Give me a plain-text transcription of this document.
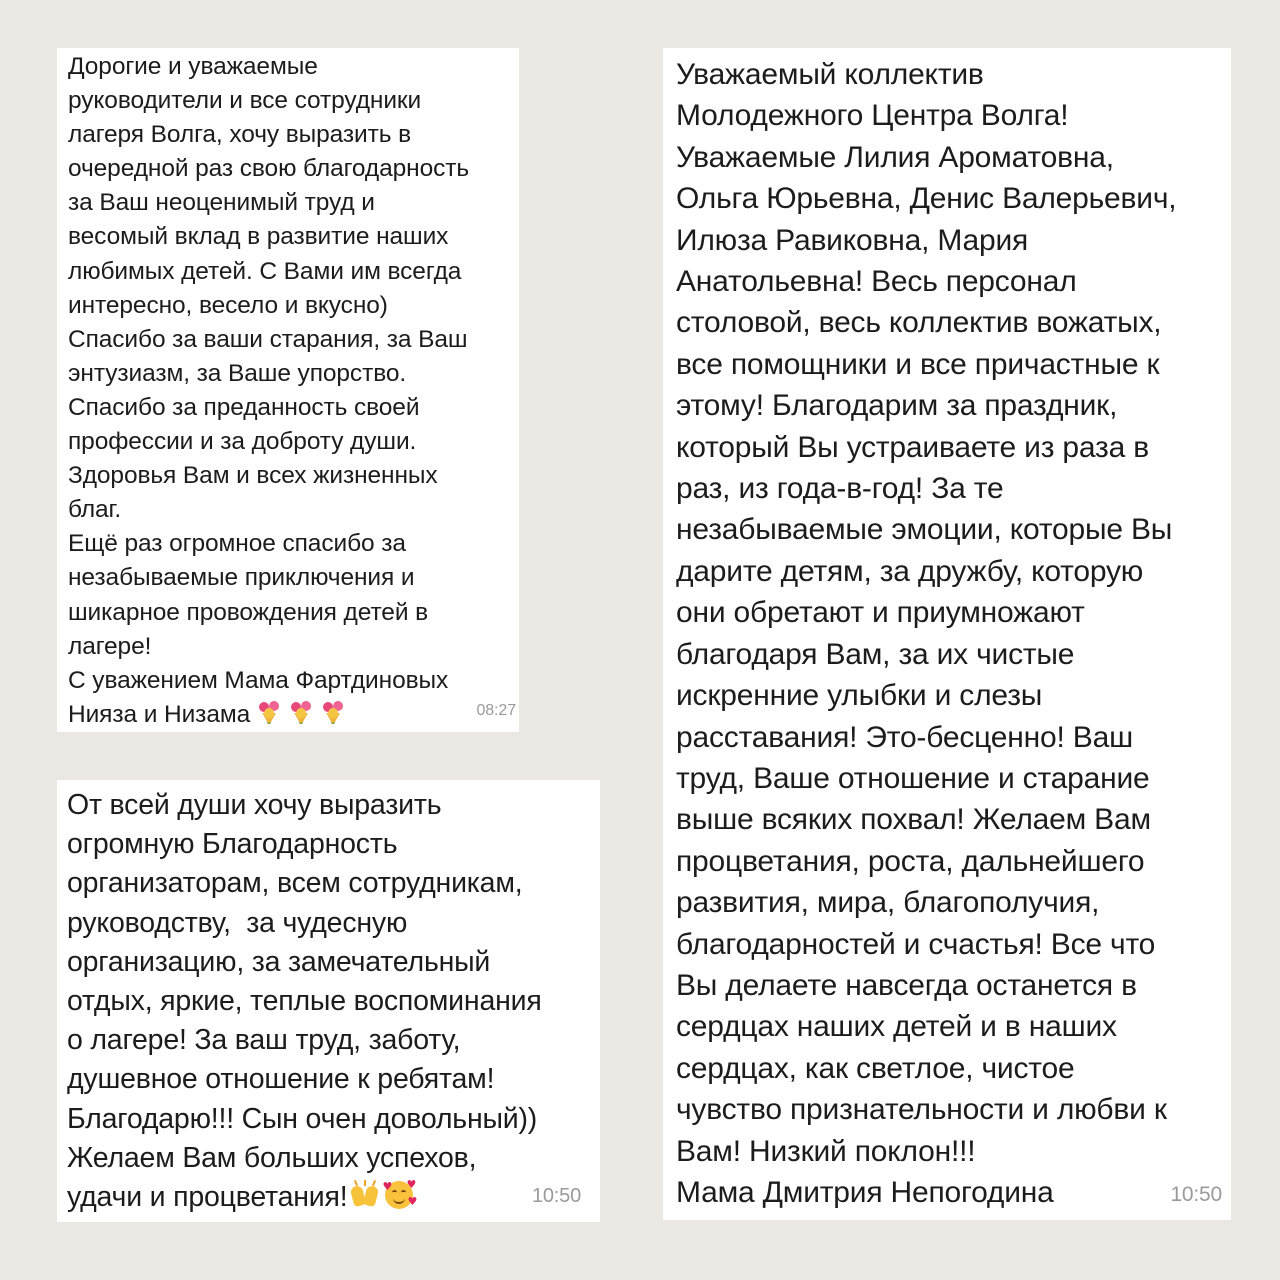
Дорогие и уважаемые
руководители и все сотрудники
лагеря Волга, хочу выразить в
очередной раз свою благодарность
за Ваш неоценимый труд и
весомый вклад в развитие наших
любимых детей. С Вами им всегда
интересно, весело и вкусно)
Спасибо за ваши старания, за Ваш
энтузиазм, за Ваше упорство.
Спасибо за преданность своей
профессии и за доброту души.
Здоровья Вам и всех жизненных
благ.
Ещё раз огромное спасибо за
незабываемые приключения и
шикарное провождения детей в
лагере!
С уважением Мама Фартдиновых
Нияза и Низама	08:27
От всей души хочу выразить
огромную Благодарность
организаторам, всем сотрудникам,
руководству,  за чудесную
организацию, за замечательный
отдых, яркие, теплые воспоминания
о лагере! За ваш труд, заботу,
душевное отношение к ребятам!
Благодарю!!! Сын очен довольный))
Желаем Вам больших успехов,
удачи и процветания!	♥ ♥
♥	10:50
Уважаемый коллектив
Молодежного Центра Волга!
Уважаемые Лилия Ароматовна,
Ольга Юрьевна, Денис Валерьевич,
Илюза Равиковна, Мария
Анатольевна! Весь персонал
столовой, весь коллектив вожатых,
все помощники и все причастные к
этому! Благодарим за праздник,
который Вы устраиваете из раза в
раз, из года-в-год! За те
незабываемые эмоции, которые Вы
дарите детям, за дружбу, которую
они обретают и приумножают
благодаря Вам, за их чистые
искренние улыбки и слезы
расставания! Это-бесценно! Ваш
труд, Ваше отношение и старание
выше всяких похвал! Желаем Вам
процветания, роста, дальнейшего
развития, мира, благополучия,
благодарностей и счастья! Все что
Вы делаете навсегда останется в
сердцах наших детей и в наших
сердцах, как светлое, чистое
чувство признательности и любви к
Вам! Низкий поклон!!!
Мама Дмитрия Непогодина	10:50
